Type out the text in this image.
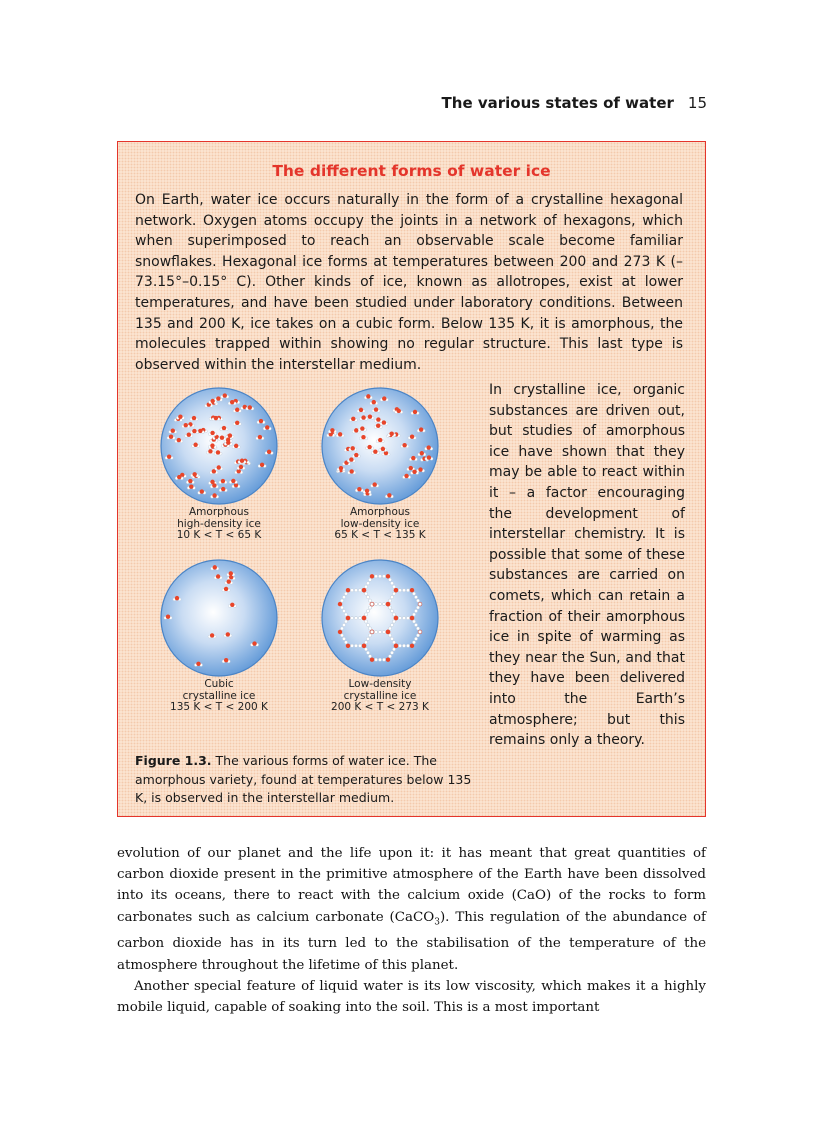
The various states of water 15
The different forms of water ice

On Earth, water ice occurs naturally in the form of a crystalline hexagonal network. Oxygen atoms occupy the joints in a network of hexagons, which when superimposed to reach an observable scale become familiar snowflakes. Hexagonal ice forms at temperatures between 200 and 273 K (–73.15°–0.15° C). Other kinds of ice, known as allotropes, exist at lower temperatures, and have been studied under laboratory conditions. Between 135 and 200 K, ice takes on a cubic form. Below 135 K, it is amorphous, the molecules trapped within showing no regular structure. This last type is observed within the interstellar medium.

Amorphous
high-density ice
10 K < T < 65 K
Amorphous
low-density ice
65 K < T < 135 K
Cubic
crystalline ice
135 K < T < 200 K
Low-density
crystalline ice
200 K < T < 273 K

In crystalline ice, organic substances are driven out, but studies of amorphous ice have shown that they may be able to react within it – a factor encouraging the development of interstellar chemistry. It is possible that some of these substances are carried on comets, which can retain a fraction of their amorphous ice in spite of warming as they near the Sun, and that they have been delivered into the Earth’s atmosphere; but this remains only a theory.

Figure 1.3. The various forms of water ice. The amorphous variety, found at temperatures below 135 K, is observed in the interstellar medium.

evolution of our planet and the life upon it: it has meant that great quantities of carbon dioxide present in the primitive atmosphere of the Earth have been dissolved into its oceans, there to react with the calcium oxide (CaO) of the rocks to form carbonates such as calcium carbonate (CaCO$_3$). This regulation of the abundance of carbon dioxide has in its turn led to the stabilisation of the temperature of the atmosphere throughout the lifetime of this planet.
Another special feature of liquid water is its low viscosity, which makes it a highly mobile liquid, capable of soaking into the soil. This is a most important
